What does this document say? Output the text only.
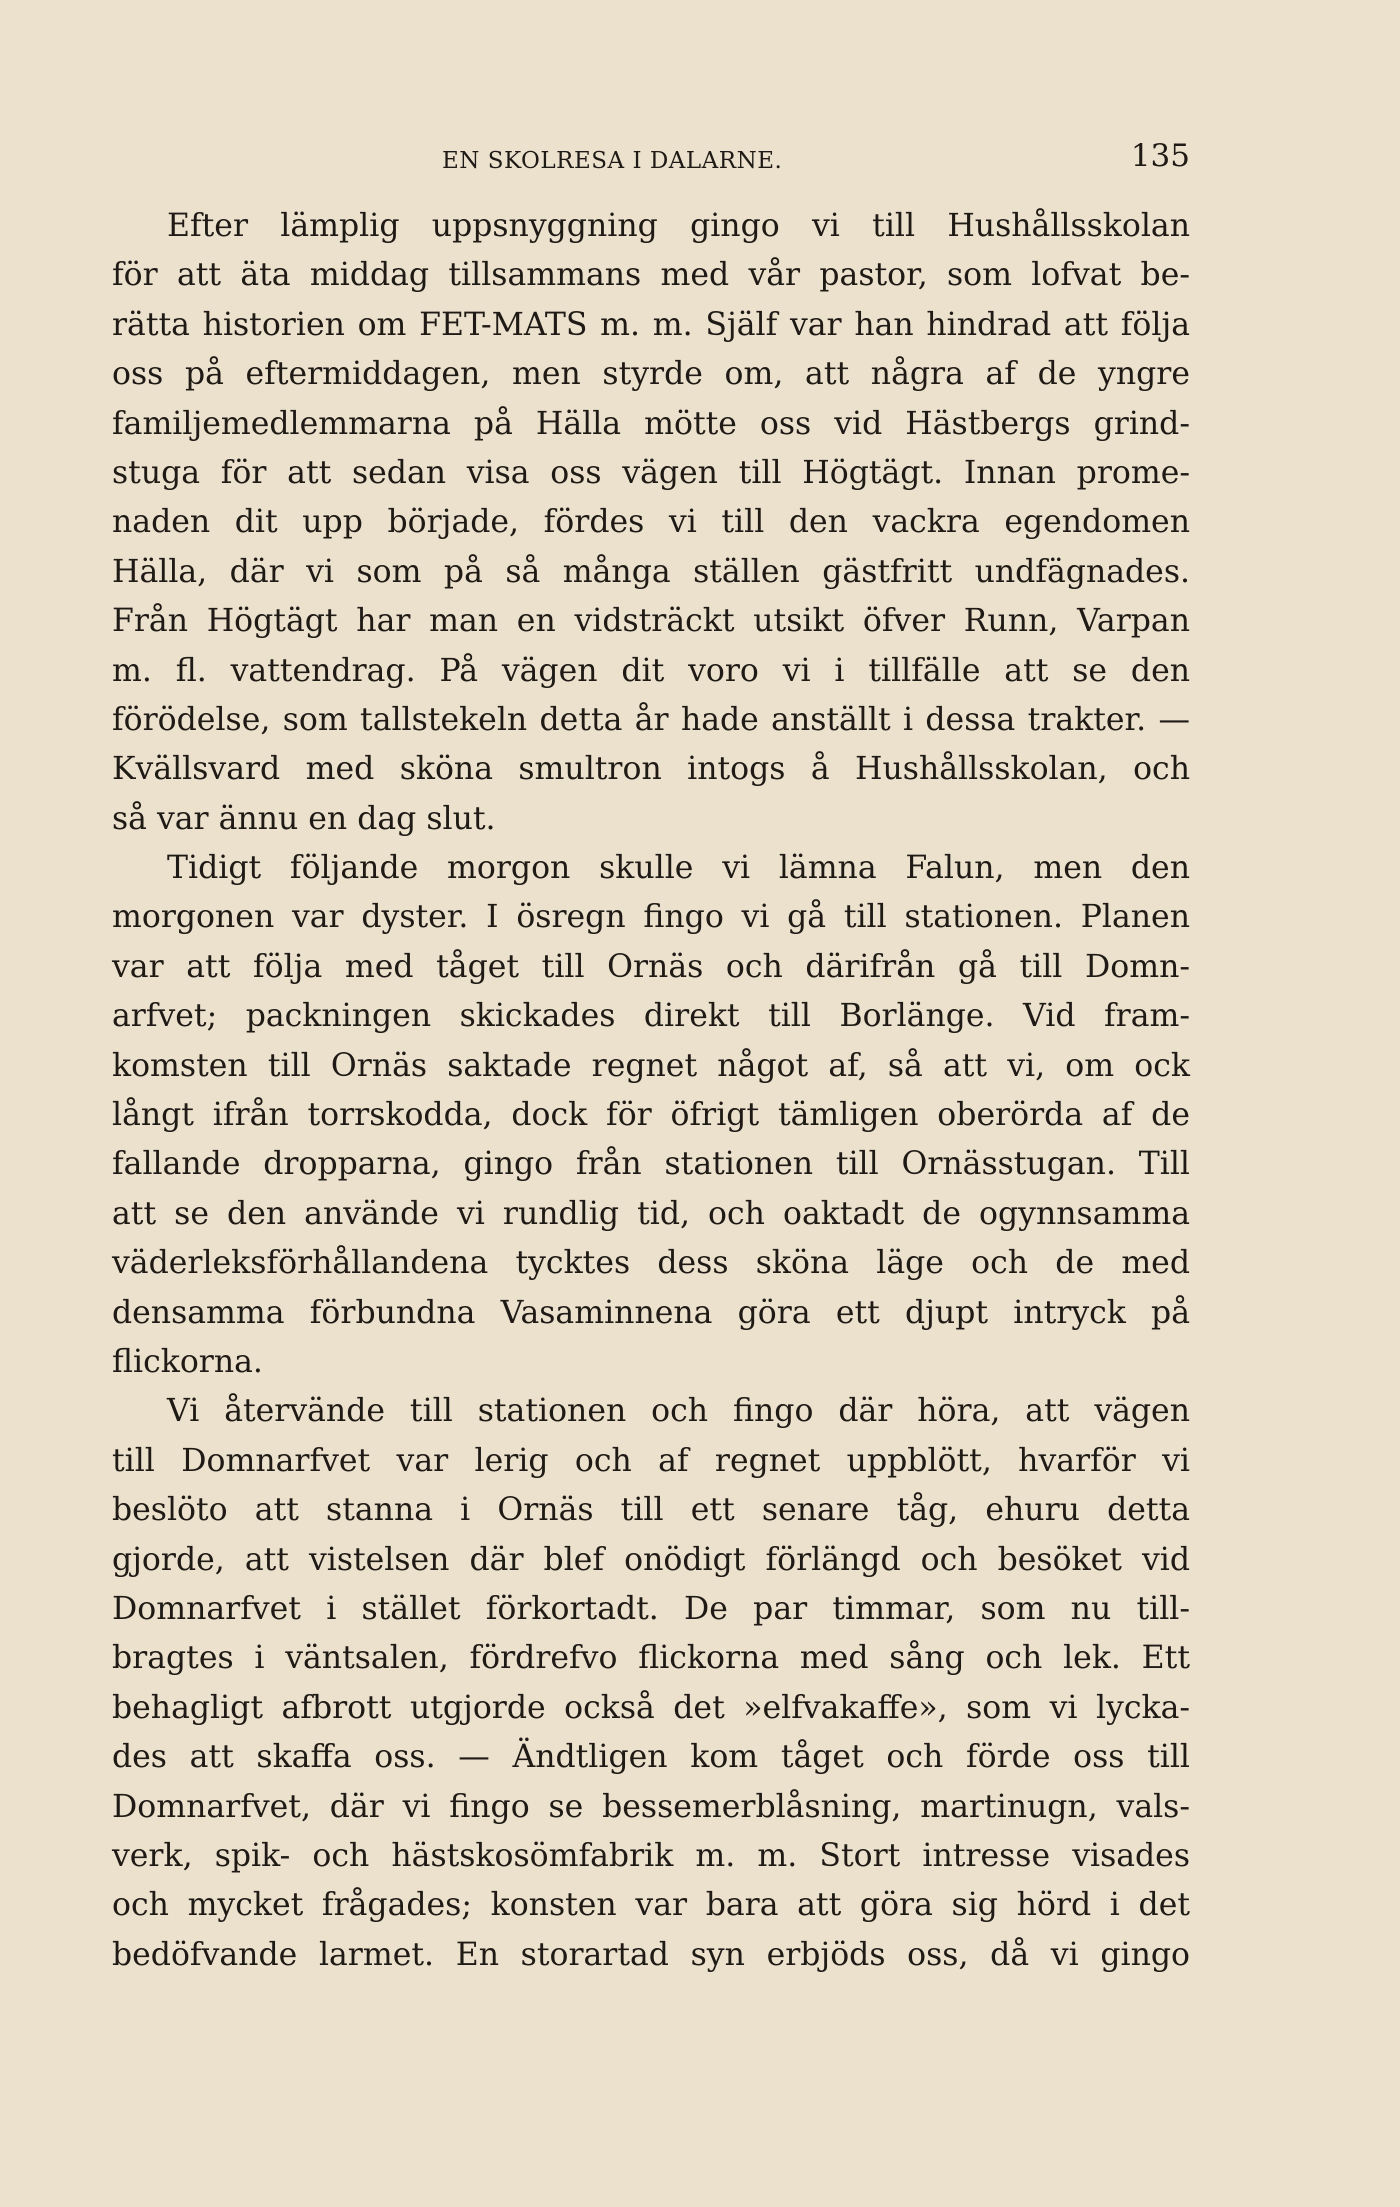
EN SKOLRESA I DALARNE.	135
Efter lämplig uppsnyggning gingo vi till Hushållsskolan
för att äta middag tillsammans med vår pastor, som lofvat be-
rätta historien om FET-MATS m. m. Själf var han hindrad att följa
oss på eftermiddagen, men styrde om, att några af de yngre
familjemedlemmarna på Hälla mötte oss vid Hästbergs grind-
stuga för att sedan visa oss vägen till Högtägt. Innan prome-
naden dit upp började, fördes vi till den vackra egendomen
Hälla, där vi som på så många ställen gästfritt undfägnades.
Från Högtägt har man en vidsträckt utsikt öfver Runn, Varpan
m. fl. vattendrag. På vägen dit voro vi i tillfälle att se den
förödelse, som tallstekeln detta år hade anställt i dessa trakter. —
Kvällsvard med sköna smultron intogs å Hushållsskolan, och
så var ännu en dag slut.
Tidigt följande morgon skulle vi lämna Falun, men den
morgonen var dyster. I ösregn fingo vi gå till stationen. Planen
var att följa med tåget till Ornäs och därifrån gå till Domn-
arfvet; packningen skickades direkt till Borlänge. Vid fram-
komsten till Ornäs saktade regnet något af, så att vi, om ock
långt ifrån torrskodda, dock för öfrigt tämligen oberörda af de
fallande dropparna, gingo från stationen till Ornässtugan. Till
att se den använde vi rundlig tid, och oaktadt de ogynnsamma
väderleksförhållandena tycktes dess sköna läge och de med
densamma förbundna Vasaminnena göra ett djupt intryck på
flickorna.
Vi återvände till stationen och fingo där höra, att vägen
till Domnarfvet var lerig och af regnet uppblött, hvarför vi
beslöto att stanna i Ornäs till ett senare tåg, ehuru detta
gjorde, att vistelsen där blef onödigt förlängd och besöket vid
Domnarfvet i stället förkortadt. De par timmar, som nu till-
bragtes i väntsalen, fördrefvo flickorna med sång och lek. Ett
behagligt afbrott utgjorde också det »elfvakaffe», som vi lycka-
des att skaffa oss. — Ändtligen kom tåget och förde oss till
Domnarfvet, där vi fingo se bessemerblåsning, martinugn, vals-
verk, spik- och hästskosömfabrik m. m. Stort intresse visades
och mycket frågades; konsten var bara att göra sig hörd i det
bedöfvande larmet. En storartad syn erbjöds oss, då vi gingo
